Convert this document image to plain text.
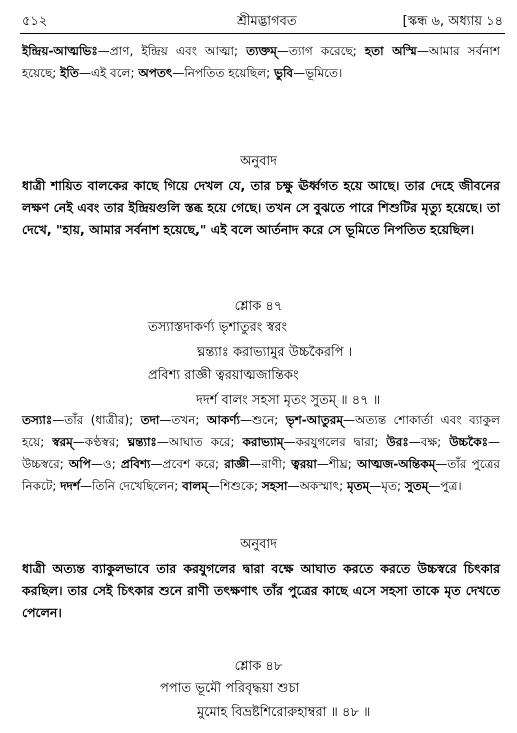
৫১২	শ্রীমদ্ভাগবত	[স্কন্ধ ৬, অধ্যায় ১৪

ইন্দ্রিয়-আত্মভিঃ—প্রাণ, ইন্দ্রিয় এবং আত্মা; ত্যক্তম্—ত্যাগ করেছে; হতা অস্মি—আমার সর্বনাশ হয়েছে; ইতি—এই বলে; অপতৎ—নিপতিত হয়েছিল; ভুবি—ভূমিতে।

অনুবাদ

ধাত্রী শায়িত বালকের কাছে গিয়ে দেখল যে, তার চক্ষু ঊর্ধ্বগত হয়ে আছে। তার দেহে জীবনের লক্ষণ নেই এবং তার ইন্দ্রিয়গুলি স্তব্ধ হয়ে গেছে। তখন সে বুঝতে পারে শিশুটির মৃত্যু হয়েছে। তা দেখে, "হায়, আমার সর্বনাশ হয়েছে," এই বলে আর্তনাদ করে সে ভূমিতে নিপতিত হয়েছিল।

শ্লোক ৪৭

তস্যাস্তদাকর্ণ্য ভৃশাতুরং স্বরং

ঘ্নন্ত্যাঃ করাভ্যামুর উচ্চকৈরপি ।

প্রবিশ্য রাজ্ঞী ত্বরয়াত্মজান্তিকং

দদর্শ বালং সহসা মৃতং সুতম্ ॥ ৪৭ ॥

তস্যাঃ—তাঁর (ধাত্রীর); তদা—তখন; আকর্ণ্য—শুনে; ভৃশ-আতুরম্—অত্যন্ত শোকার্তা এবং ব্যাকুল হয়ে; স্বরম্—কণ্ঠস্বর; ঘ্নন্ত্যাঃ—আঘাত করে; করাভ্যাম্—করযুগলের দ্বারা; উরঃ—বক্ষ; উচ্চকৈঃ—উচ্চস্বরে; অপি—ও; প্রবিশ্য—প্রবেশ করে; রাজ্ঞী—রাণী; ত্বরয়া—শীঘ্র; আত্মজ-অন্তিকম্—তাঁর পুত্রের নিকটে; দদর্শ—তিনি দেখেছিলেন; বালম্—শিশুকে; সহসা—অকস্মাৎ; মৃতম্—মৃত; সুতম্—পুত্র।

অনুবাদ

ধাত্রী অত্যন্ত ব্যাকুলভাবে তার করযুগলের দ্বারা বক্ষে আঘাত করতে করতে উচ্চস্বরে চিৎকার করছিল। তার সেই চিৎকার শুনে রাণী তৎক্ষণাৎ তাঁর পুত্রের কাছে এসে সহসা তাকে মৃত দেখতে পেলেন।

শ্লোক ৪৮

পপাত ভূমৌ পরিবৃদ্ধয়া শুচা

মুমোহ বিভ্রষ্টশিরোরুহাম্বরা ॥ ৪৮ ॥
